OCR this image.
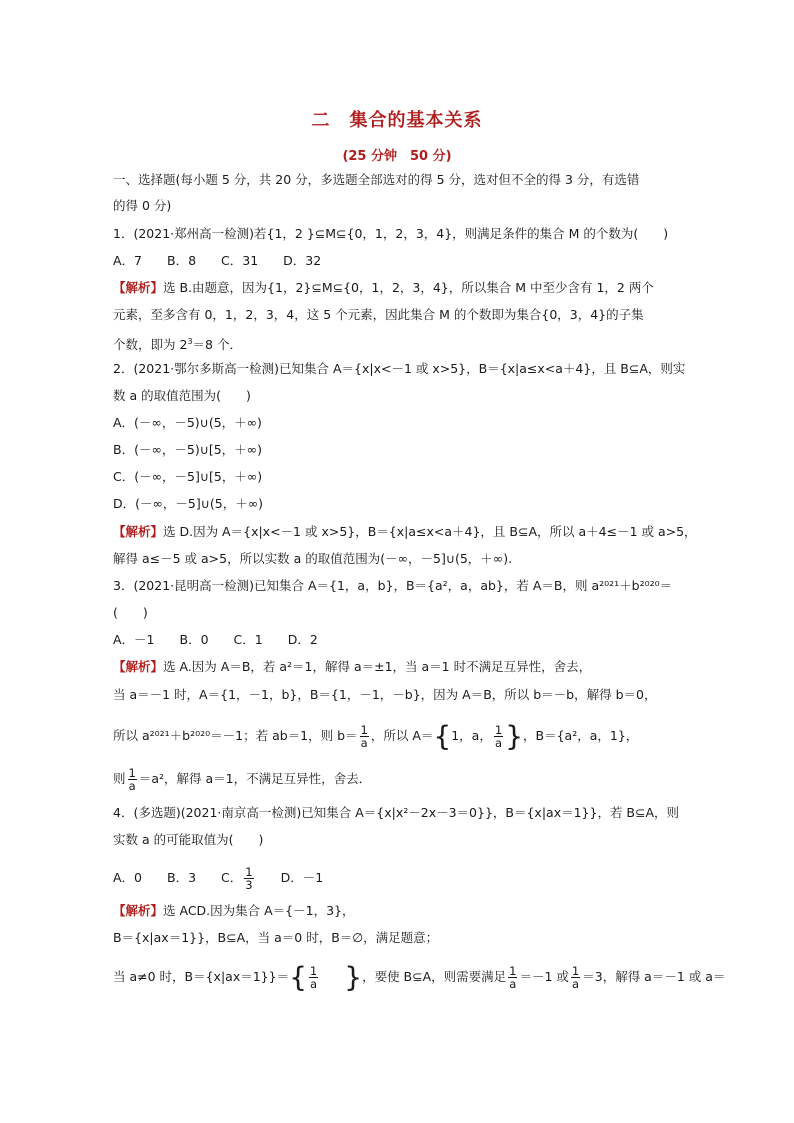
二　集合的基本关系
(25 分钟　50 分)
一、选择题(每小题 5 分，共 20 分，多选题全部选对的得 5 分，选对但不全的得 3 分，有选错
的得 0 分)
1．(2021·郑州高一检测)若{1，2 }⊆M⊆{0，1，2，3，4}，则满足条件的集合 M 的个数为(　　)
A．7　　B．8　　C．31　　D．32
【解析】选 B.由题意，因为{1，2}⊆M⊆{0，1，2，3，4}，所以集合 M 中至少含有 1，2 两个
元素，至多含有 0，1，2，3，4，这 5 个元素，因此集合 M 的个数即为集合{0，3，4}的子集
个数，即为 $2^3=8$ 个．
2．(2021·鄂尔多斯高一检测)已知集合 A＝{x|x<－1 或 x>5}，B＝{x|a≤x<a＋4}，且 B⊆A，则实
数 a 的取值范围为(　　)
A．(－∞，－5)∪(5，＋∞)
B．(－∞，－5)∪[5，＋∞)
C．(－∞，－5]∪[5，＋∞)
D．(－∞，－5]∪(5，＋∞)
【解析】选 D.因为 A＝{x|x<－1 或 x>5}，B＝{x|a≤x<a＋4}，且 B⊆A，所以 a＋4≤－1 或 a>5，
解得 a≤－5 或 a>5，所以实数 a 的取值范围为(－∞，－5]∪(5，＋∞).
3．(2021·昆明高一检测)已知集合 A＝{1，a，b}，B＝{a²，a，ab}，若 A＝B，则 a²⁰²¹＋b²⁰²⁰＝
(　　)
A．－1　　B．0　　C．1　　D．2
【解析】选 A.因为 A＝B，若 a²＝1，解得 a＝±1，当 a＝1 时不满足互异性，舍去，
当 a＝－1 时，A＝{1，－1，b}，B＝{1，－1，－b}，因为 A＝B，所以 b＝－b，解得 b＝0，
所以 a²⁰²¹＋b²⁰²⁰＝－1；若 ab＝1，则 $b= \frac{1}{a}$ ，所以 A＝{1，a， $\frac{1}{a}$ }，B＝{a²，a，1}，
则 $\frac{1}{a} =a^2$，解得 a＝1，不满足互异性，舍去．
4．(多选题)(2021·南京高一检测)已知集合 A＝{x|x²－2x－3＝0}}，B＝{x|ax＝1}}，若 B⊆A，则
实数 a 的可能取值为(　　)
A．0　　B．3　　C． $\frac{1}{3}$
　　 D．－1
【解析】选 ACD.因为集合 A＝{－1，3}，
B＝{x|ax＝1}}，B⊆A，当 a＝0 时，B＝∅，满足题意；
当 a≠0 时，$B=\{x|ax=1\}\}=\{ \frac{1}{a}$ }，要使 B⊆A，则需要满足 $\frac{1}{a} =-1$ 或 $\frac{1}{a} =3$，解得 a＝－1 或 a＝
